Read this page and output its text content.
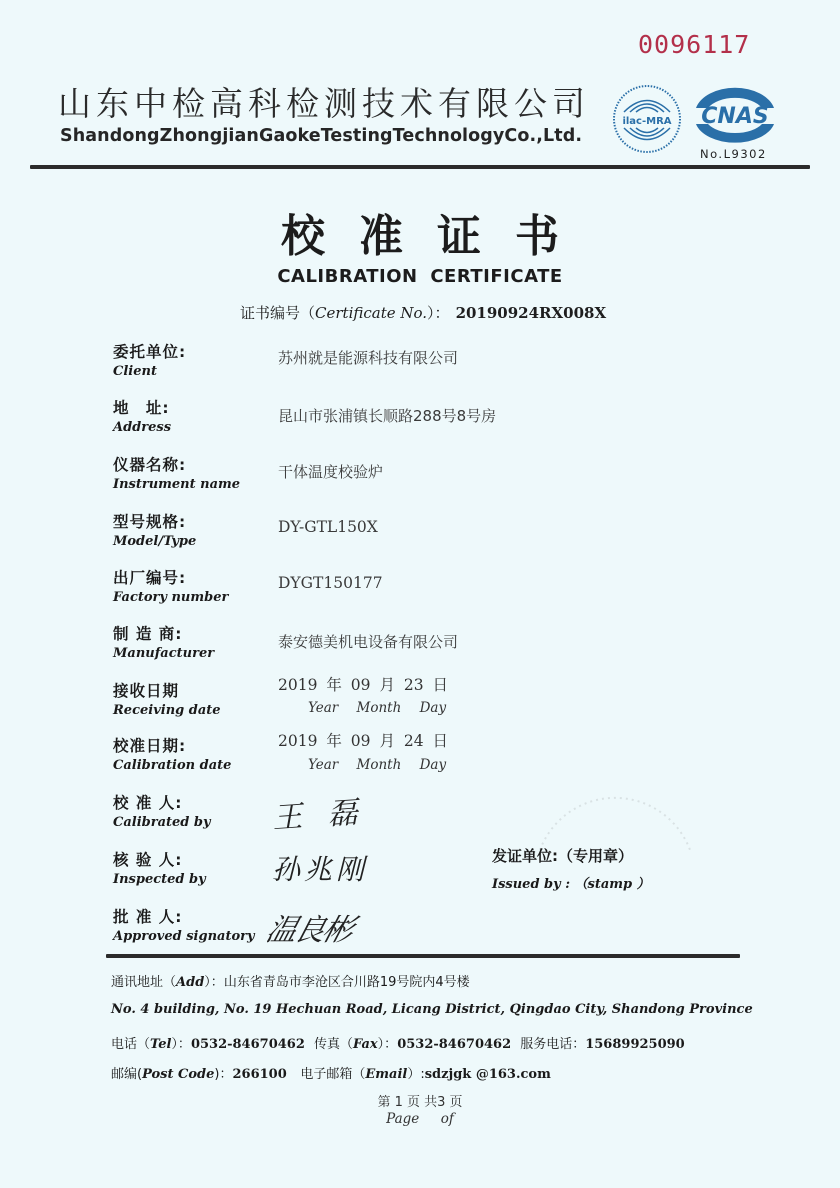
0096117
山东中检高科检测技术有限公司
ShandongZhongjianGaokeTestingTechnologyCo.,Ltd.
ilac-MRA CNAS
No.L9302
校准证书
CALIBRATION CERTIFICATE
证书编号（Certificate No.）： 20190924RX008X
委托单位:
Client
苏州就是能源科技有限公司
地 址:
Address
昆山市张浦镇长顺路288号8号房
仪器名称:
Instrument name
干体温度校验炉
型号规格:
Model/Type
DY-GTL150X
出厂编号:
Factory number
DYGT150177
制 造 商:
Manufacturer
泰安德美机电设备有限公司
接收日期
Receiving date
2019 年 09 月 23 日
Year Month Day
校准日期:
Calibration date
2019 年 09 月 24 日
Year Month Day
校 准 人:
Calibrated by 王 磊
核 验 人:
Inspected by 孙兆刚
批 准 人:
Approved signatory 温良彬
发证单位:（专用章）
Issued by : （stamp ）
通讯地址（Add）：山东省青岛市李沧区合川路19号院内4号楼
No. 4 building, No. 19 Hechuan Road, Licang District, Qingdao City, Shandong Province
电话（Tel）：0532-84670462 传真（Fax）：0532-84670462 服务电话：15689925090
邮编(Post Code)：266100 电子邮箱（Email）:sdzjgk @163.com
第 1 页 共3 页
Page     of
